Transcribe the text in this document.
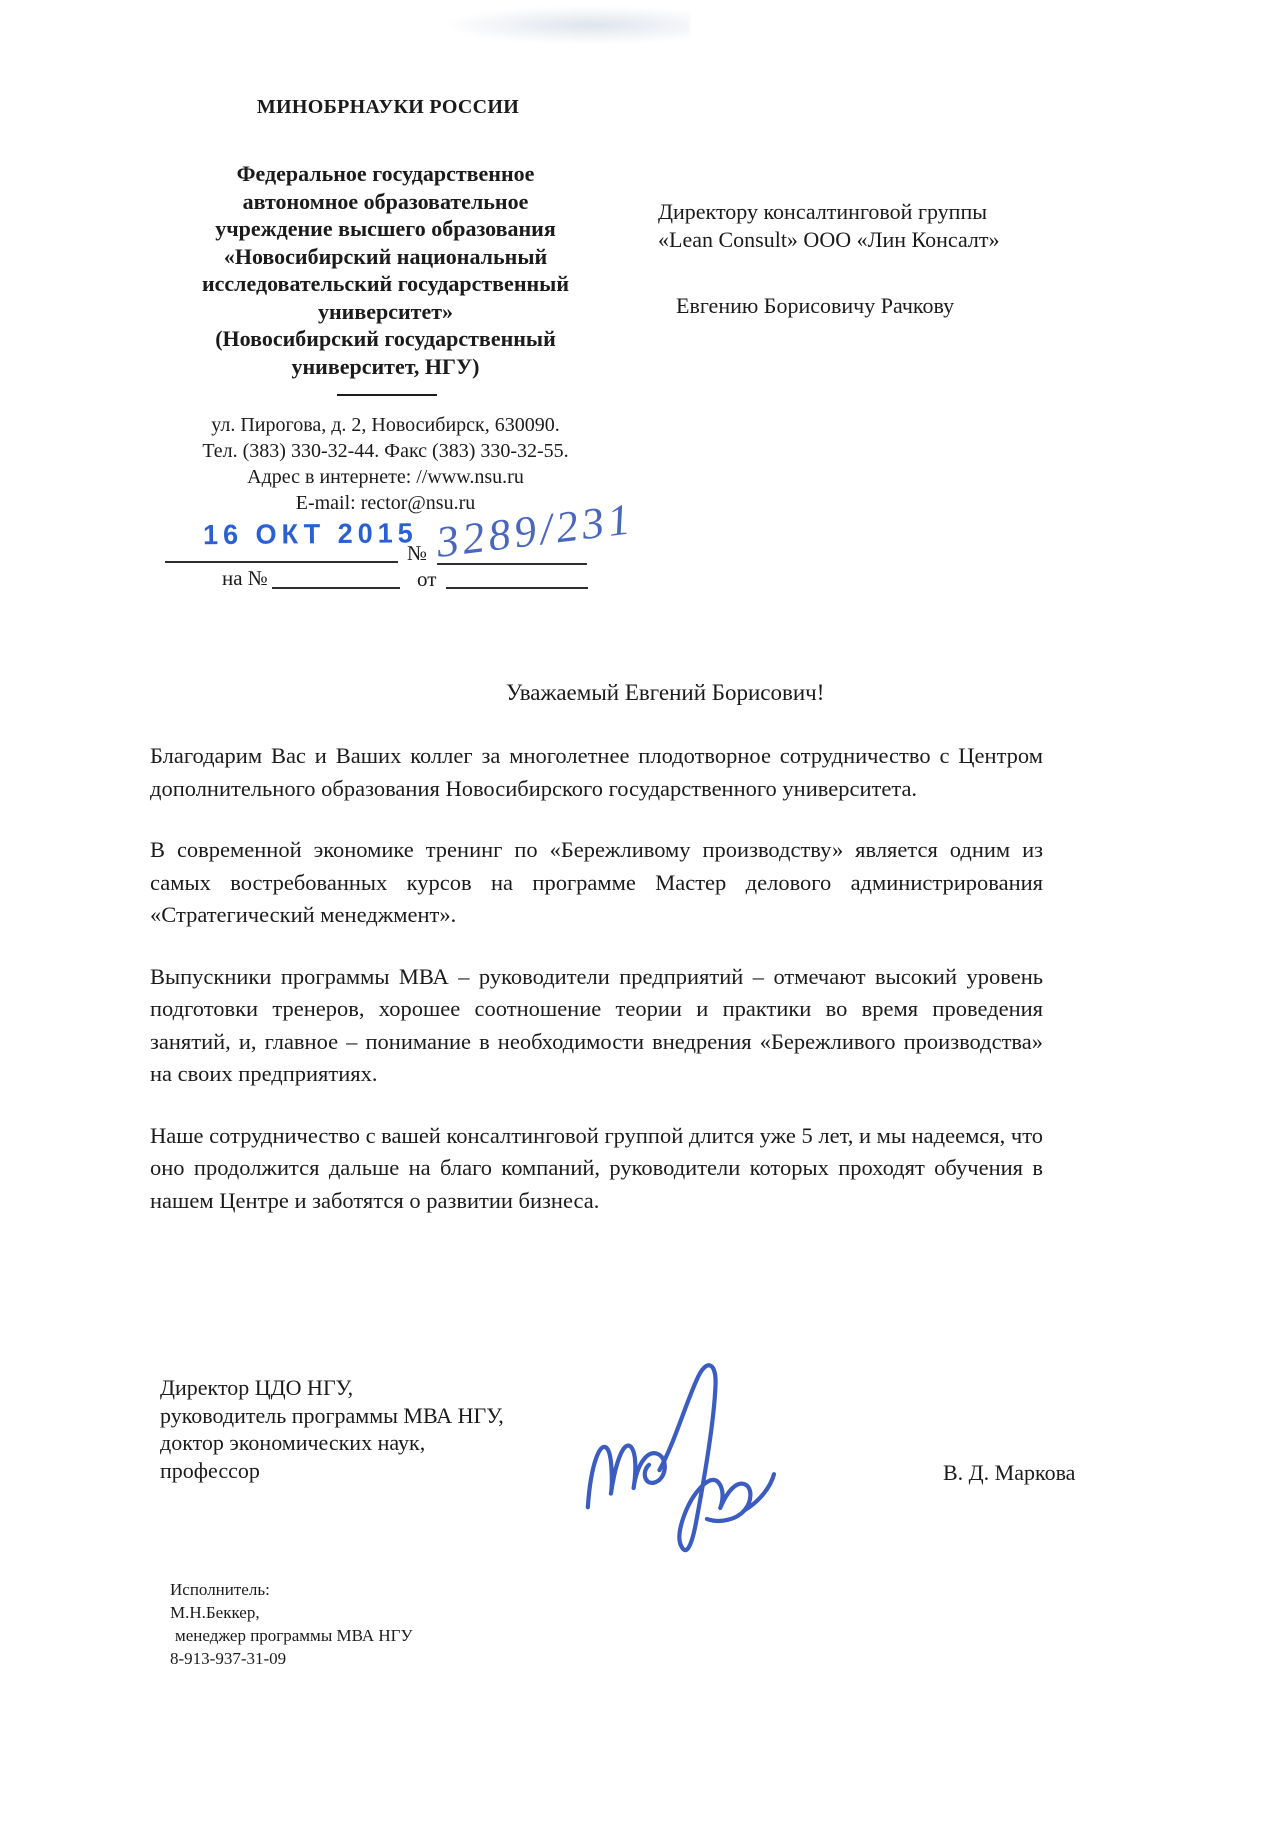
МИНОБРНАУКИ РОССИИ
Федеральное государственное
автономное образовательное
учреждение высшего образования
«Новосибирский национальный
исследовательский государственный
университет»
(Новосибирский государственный
университет, НГУ)
ул. Пирогова, д. 2, Новосибирск, 630090.
Тел. (383) 330-32-44. Факс (383) 330-32-55.
Адрес в интернете: //www.nsu.ru
E-mail: rector@nsu.ru
16 ОКТ 2015
№ 3289/231
на №	от
Директору консалтинговой группы
«Lean Consult» ООО «Лин Консалт»
Евгению Борисовичу Рачкову
Уважаемый Евгений Борисович!

Благодарим Вас и Ваших коллег за многолетнее плодотворное сотрудничество с Центром дополнительного образования Новосибирского государственного университета.

В современной экономике тренинг по «Бережливому производству» является одним из самых востребованных курсов на программе Мастер делового администрирования «Стратегический менеджмент».

Выпускники программы МВА – руководители предприятий – отмечают высокий уровень подготовки тренеров, хорошее соотношение теории и практики во время проведения занятий, и, главное – понимание в необходимости внедрения «Бережливого производства» на своих предприятиях.

Наше сотрудничество с вашей консалтинговой группой длится уже 5 лет, и мы надеемся, что оно продолжится дальше на благо компаний, руководители которых проходят обучения в нашем Центре и заботятся о развитии бизнеса.

Директор ЦДО НГУ,
руководитель программы МВА НГУ,
доктор экономических наук,
профессор	В. Д. Маркова
Исполнитель:
М.Н.Беккер,
менеджер программы МВА НГУ
8-913-937-31-09
